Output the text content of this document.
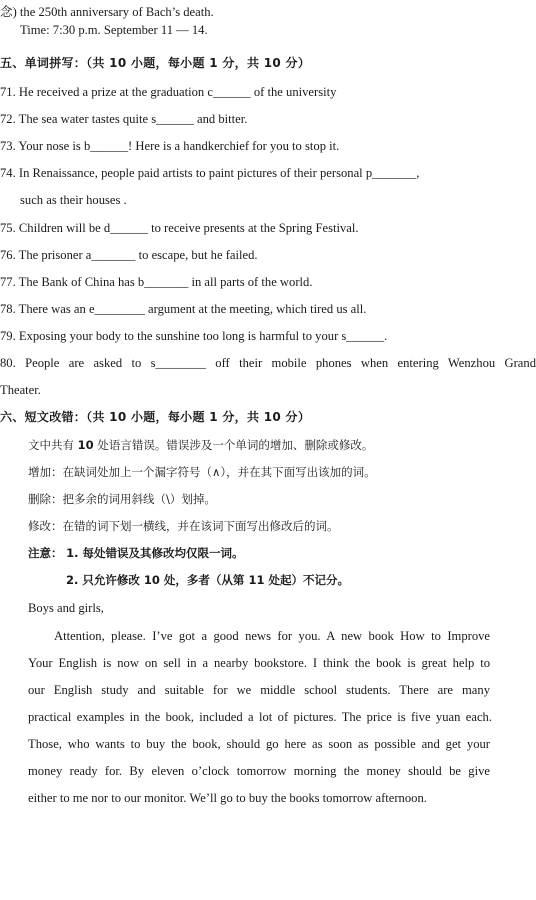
念) the 250th anniversary of Bach’s death.
Time: 7:30 p.m. September 11 — 14.
五、单词拼写：（共 10 小题，每小题 1 分，共 10 分）
71. He received a prize at the graduation c______ of the university
72. The sea water tastes quite s______ and bitter.
73. Your nose is b______! Here is a handkerchief for you to stop it.
74. In Renaissance, people paid artists to paint pictures of their personal p_______,
such as their houses .
75. Children will be d______ to receive presents at the Spring Festival.
76. The prisoner a_______ to escape, but he failed.
77. The Bank of China has b_______ in all parts of the world.
78. There was an e________ argument at the meeting, which tired us all.
79. Exposing your body to the sunshine too long is harmful to your s______.
80. People are asked to s________ off their mobile phones when entering Wenzhou Grand
Theater.
六、短文改错：（共 10 小题，每小题 1 分，共 10 分）
文中共有 10 处语言错误。错误涉及一个单词的增加、删除或修改。
增加：在缺词处加上一个漏字符号（∧），并在其下面写出该加的词。
删除：把多余的词用斜线（\）划掉。
修改：在错的词下划一横线，并在该词下面写出修改后的词。
注意： 1. 每处错误及其修改均仅限一词。
2. 只允许修改 10 处，多者（从第 11 处起）不记分。
Boys and girls,
Attention, please. I’ve got a good news for you. A new book How to Improve
Your English is now on sell in a nearby bookstore. I think the book is great help to
our English study and suitable for we middle school students. There are many
practical examples in the book, included a lot of pictures. The price is five yuan each.
Those, who wants to buy the book, should go here as soon as possible and get your
money ready for. By eleven o’clock tomorrow morning the money should be give
either to me nor to our monitor. We’ll go to buy the books tomorrow afternoon.
